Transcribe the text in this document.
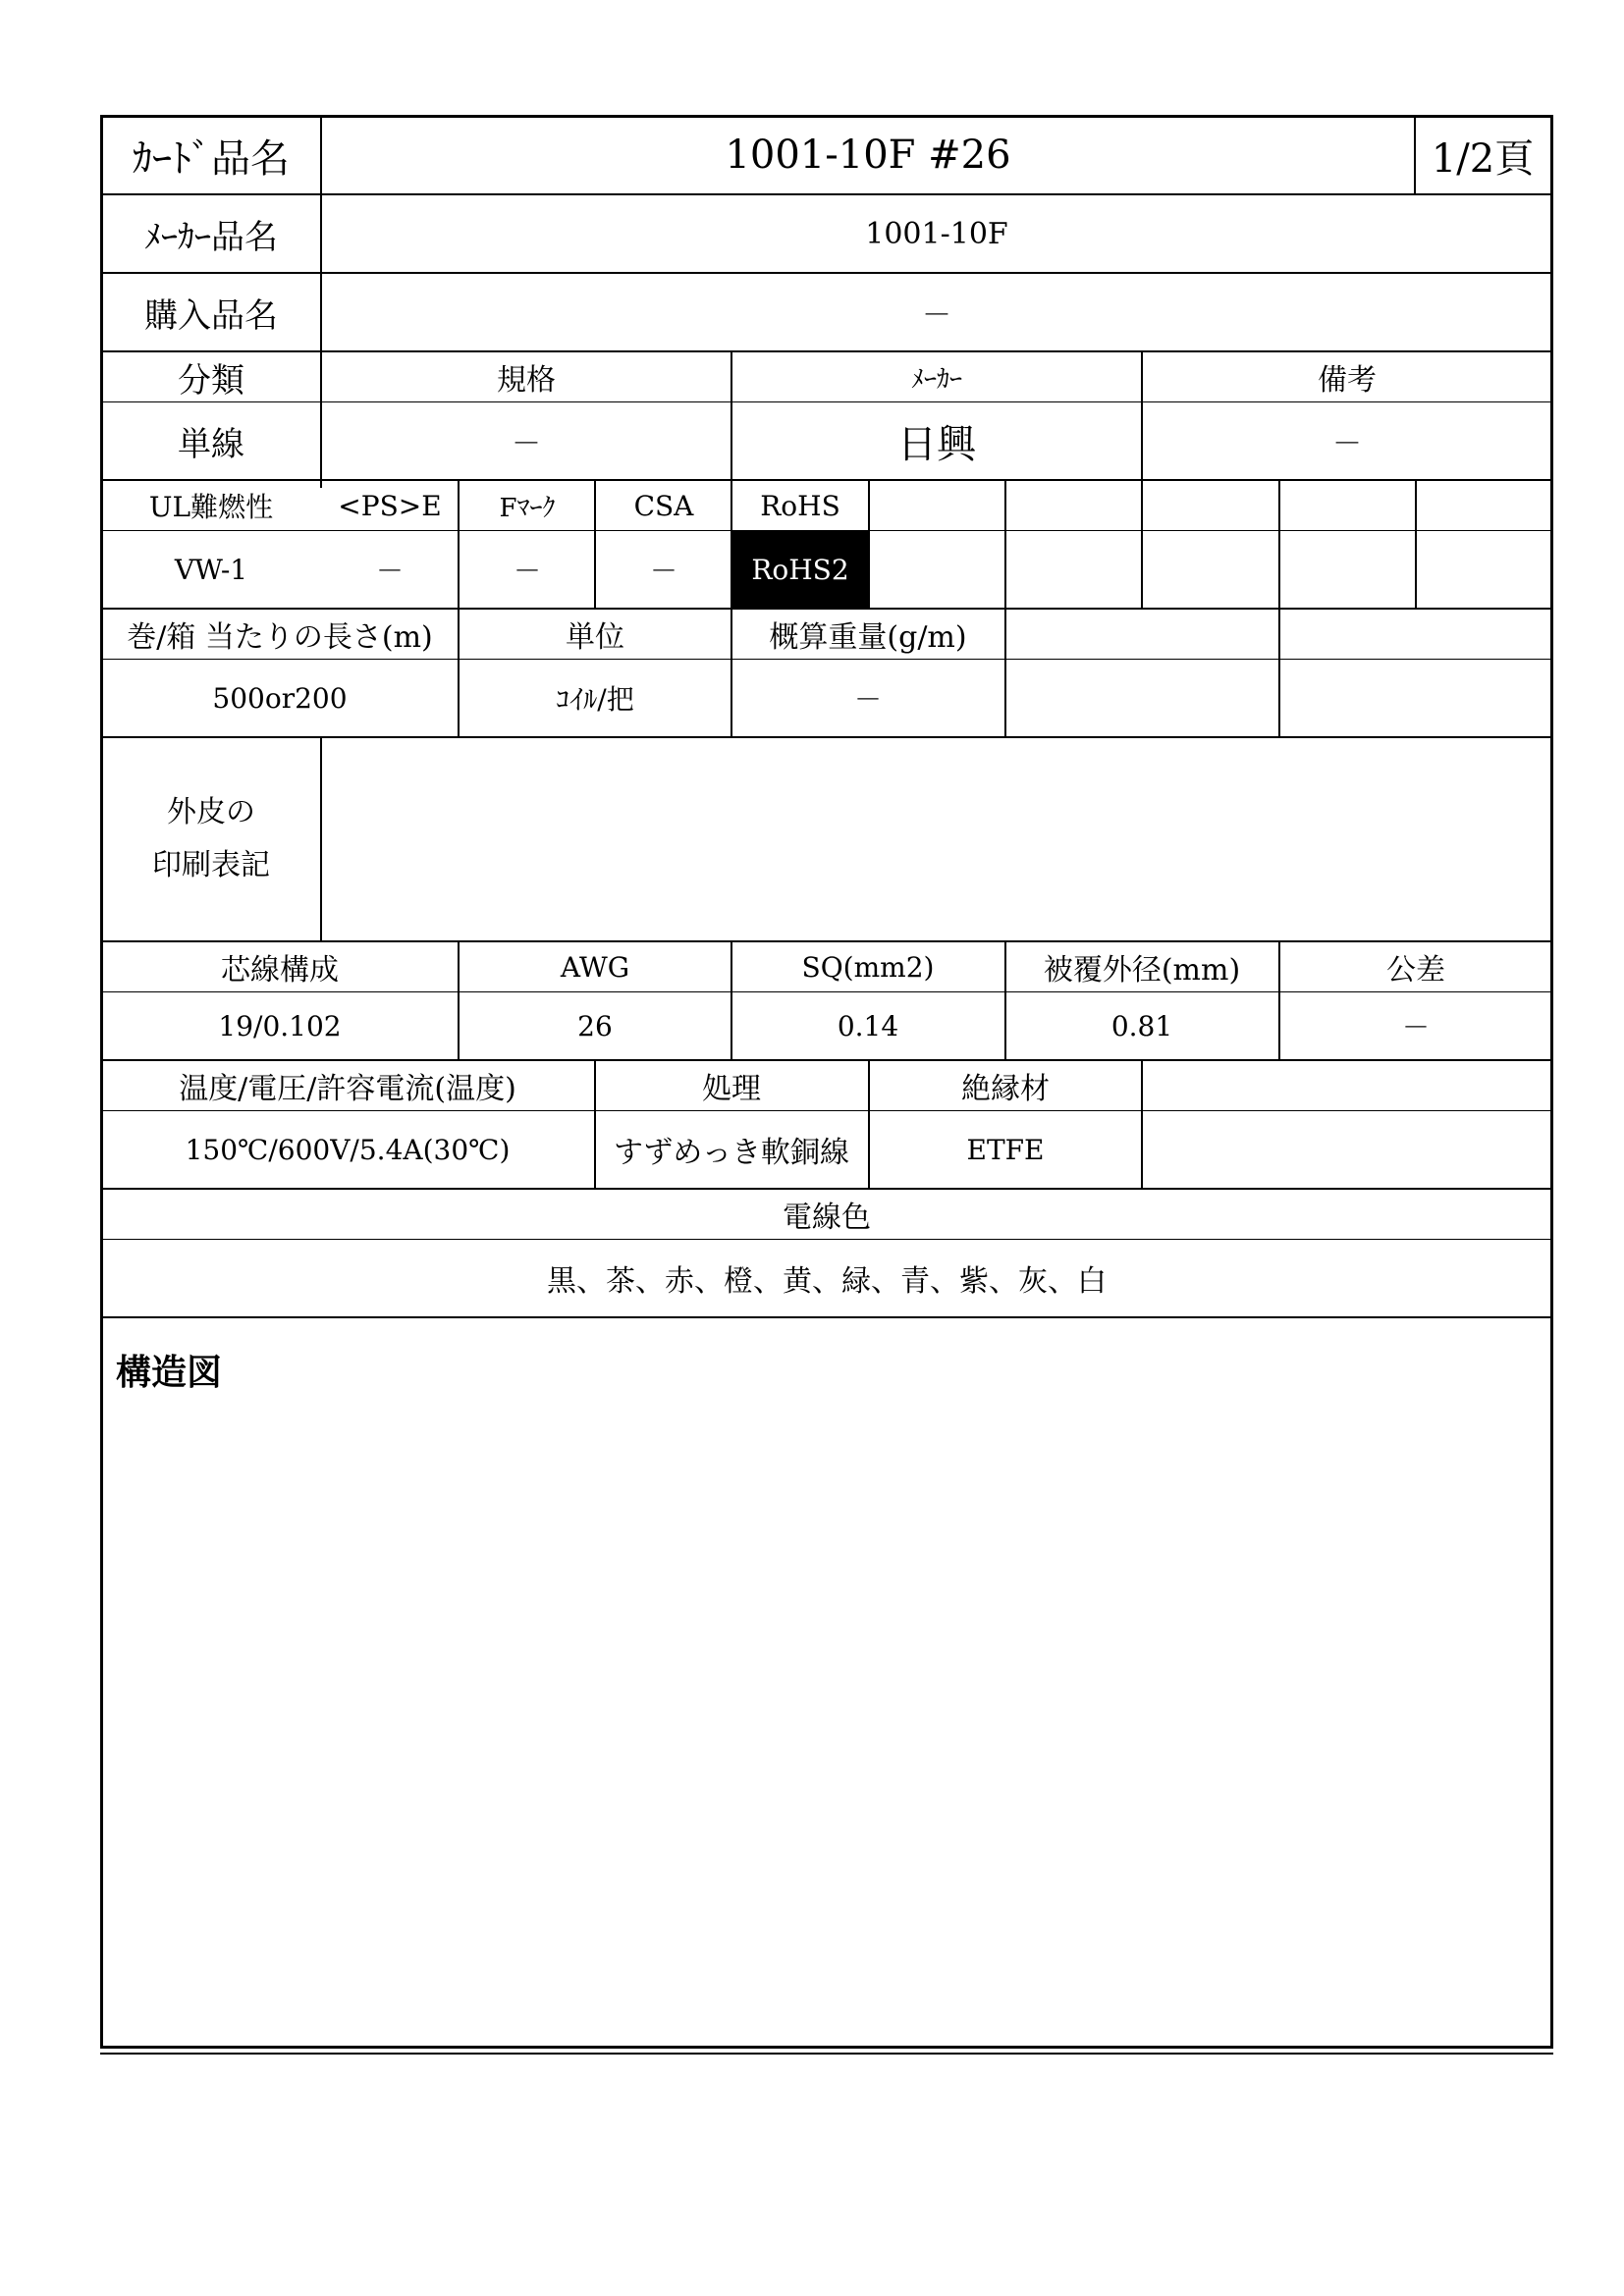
ｶｰﾄﾞ品名	1001-10F #26	1/2頁
ﾒｰｶｰ品名	1001-10F
購入品名	－
分類	規格	ﾒｰｶｰ	備考
単線	－	日興	－
UL難燃性	<PS>E	Fﾏｰｸ	CSA	RoHS
VW-1	－	－	－	RoHS2
巻/箱 当たりの長さ(m)	単位	概算重量(g/m)
500or200	ｺｲﾙ/把	－
外皮の
印刷表記
芯線構成	AWG	SQ(mm2)	被覆外径(mm)	公差
19/0.102	26	0.14	0.81	－
温度/電圧/許容電流(温度)	処理	絶縁材
150℃/600V/5.4A(30℃)	すずめっき軟銅線	ETFE
電線色
黒、茶、赤、橙、黄、緑、青、紫、灰、白
構造図
